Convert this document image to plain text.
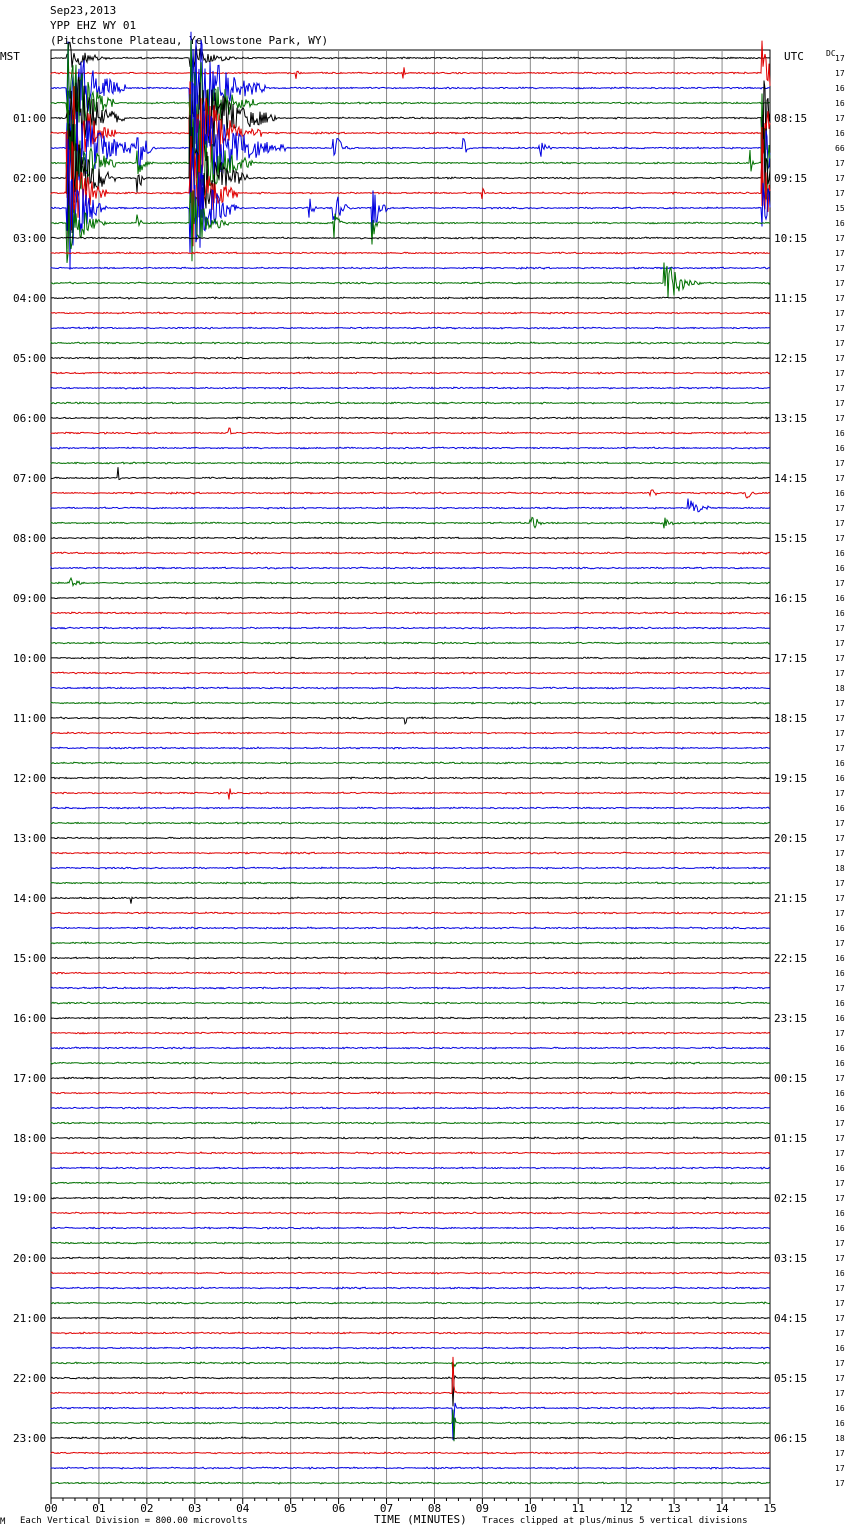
Sep23,2013
YPP EHZ WY 01
(Pitchstone Plateau, Yellowstone Park, WY)
00	01	02	03	04	05	06	07	08	09	10	11	12	13	14	15
17
17
16
16
17
01:00	08:15
16
66
17
17
02:00	09:15
17
15
16
17
03:00	10:15
17
17
17
17
04:00	11:15
17
17
17
17
05:00	12:15
17
17
17
17
06:00	13:15
16
16
17
17
07:00	14:15
16
17
17
17
08:00	15:15
16
16
17
16
09:00	16:15
16
17
17
17
10:00	17:15
17
18
17
17
11:00	18:15
17
17
16
16
12:00	19:15
17
16
17
17
13:00	20:15
17
18
17
17
14:00	21:15
17
16
17
16
15:00	22:15
16
17
16
16
16:00	23:15
17
16
16
17
17:00	00:15
16
16
17
17
18:00	01:15
17
16
17
17
19:00	02:15
16
16
17
17
20:00	03:15
16
17
17
17
21:00	04:15
17
16
17
17
22:00	05:15
17
16
16
18
23:00	06:15
17
17
17
MST	UTC	DC
M Each Vertical Division = 800.00 microvolts	TIME (MINUTES) Traces clipped at plus/minus 5 vertical divisions
